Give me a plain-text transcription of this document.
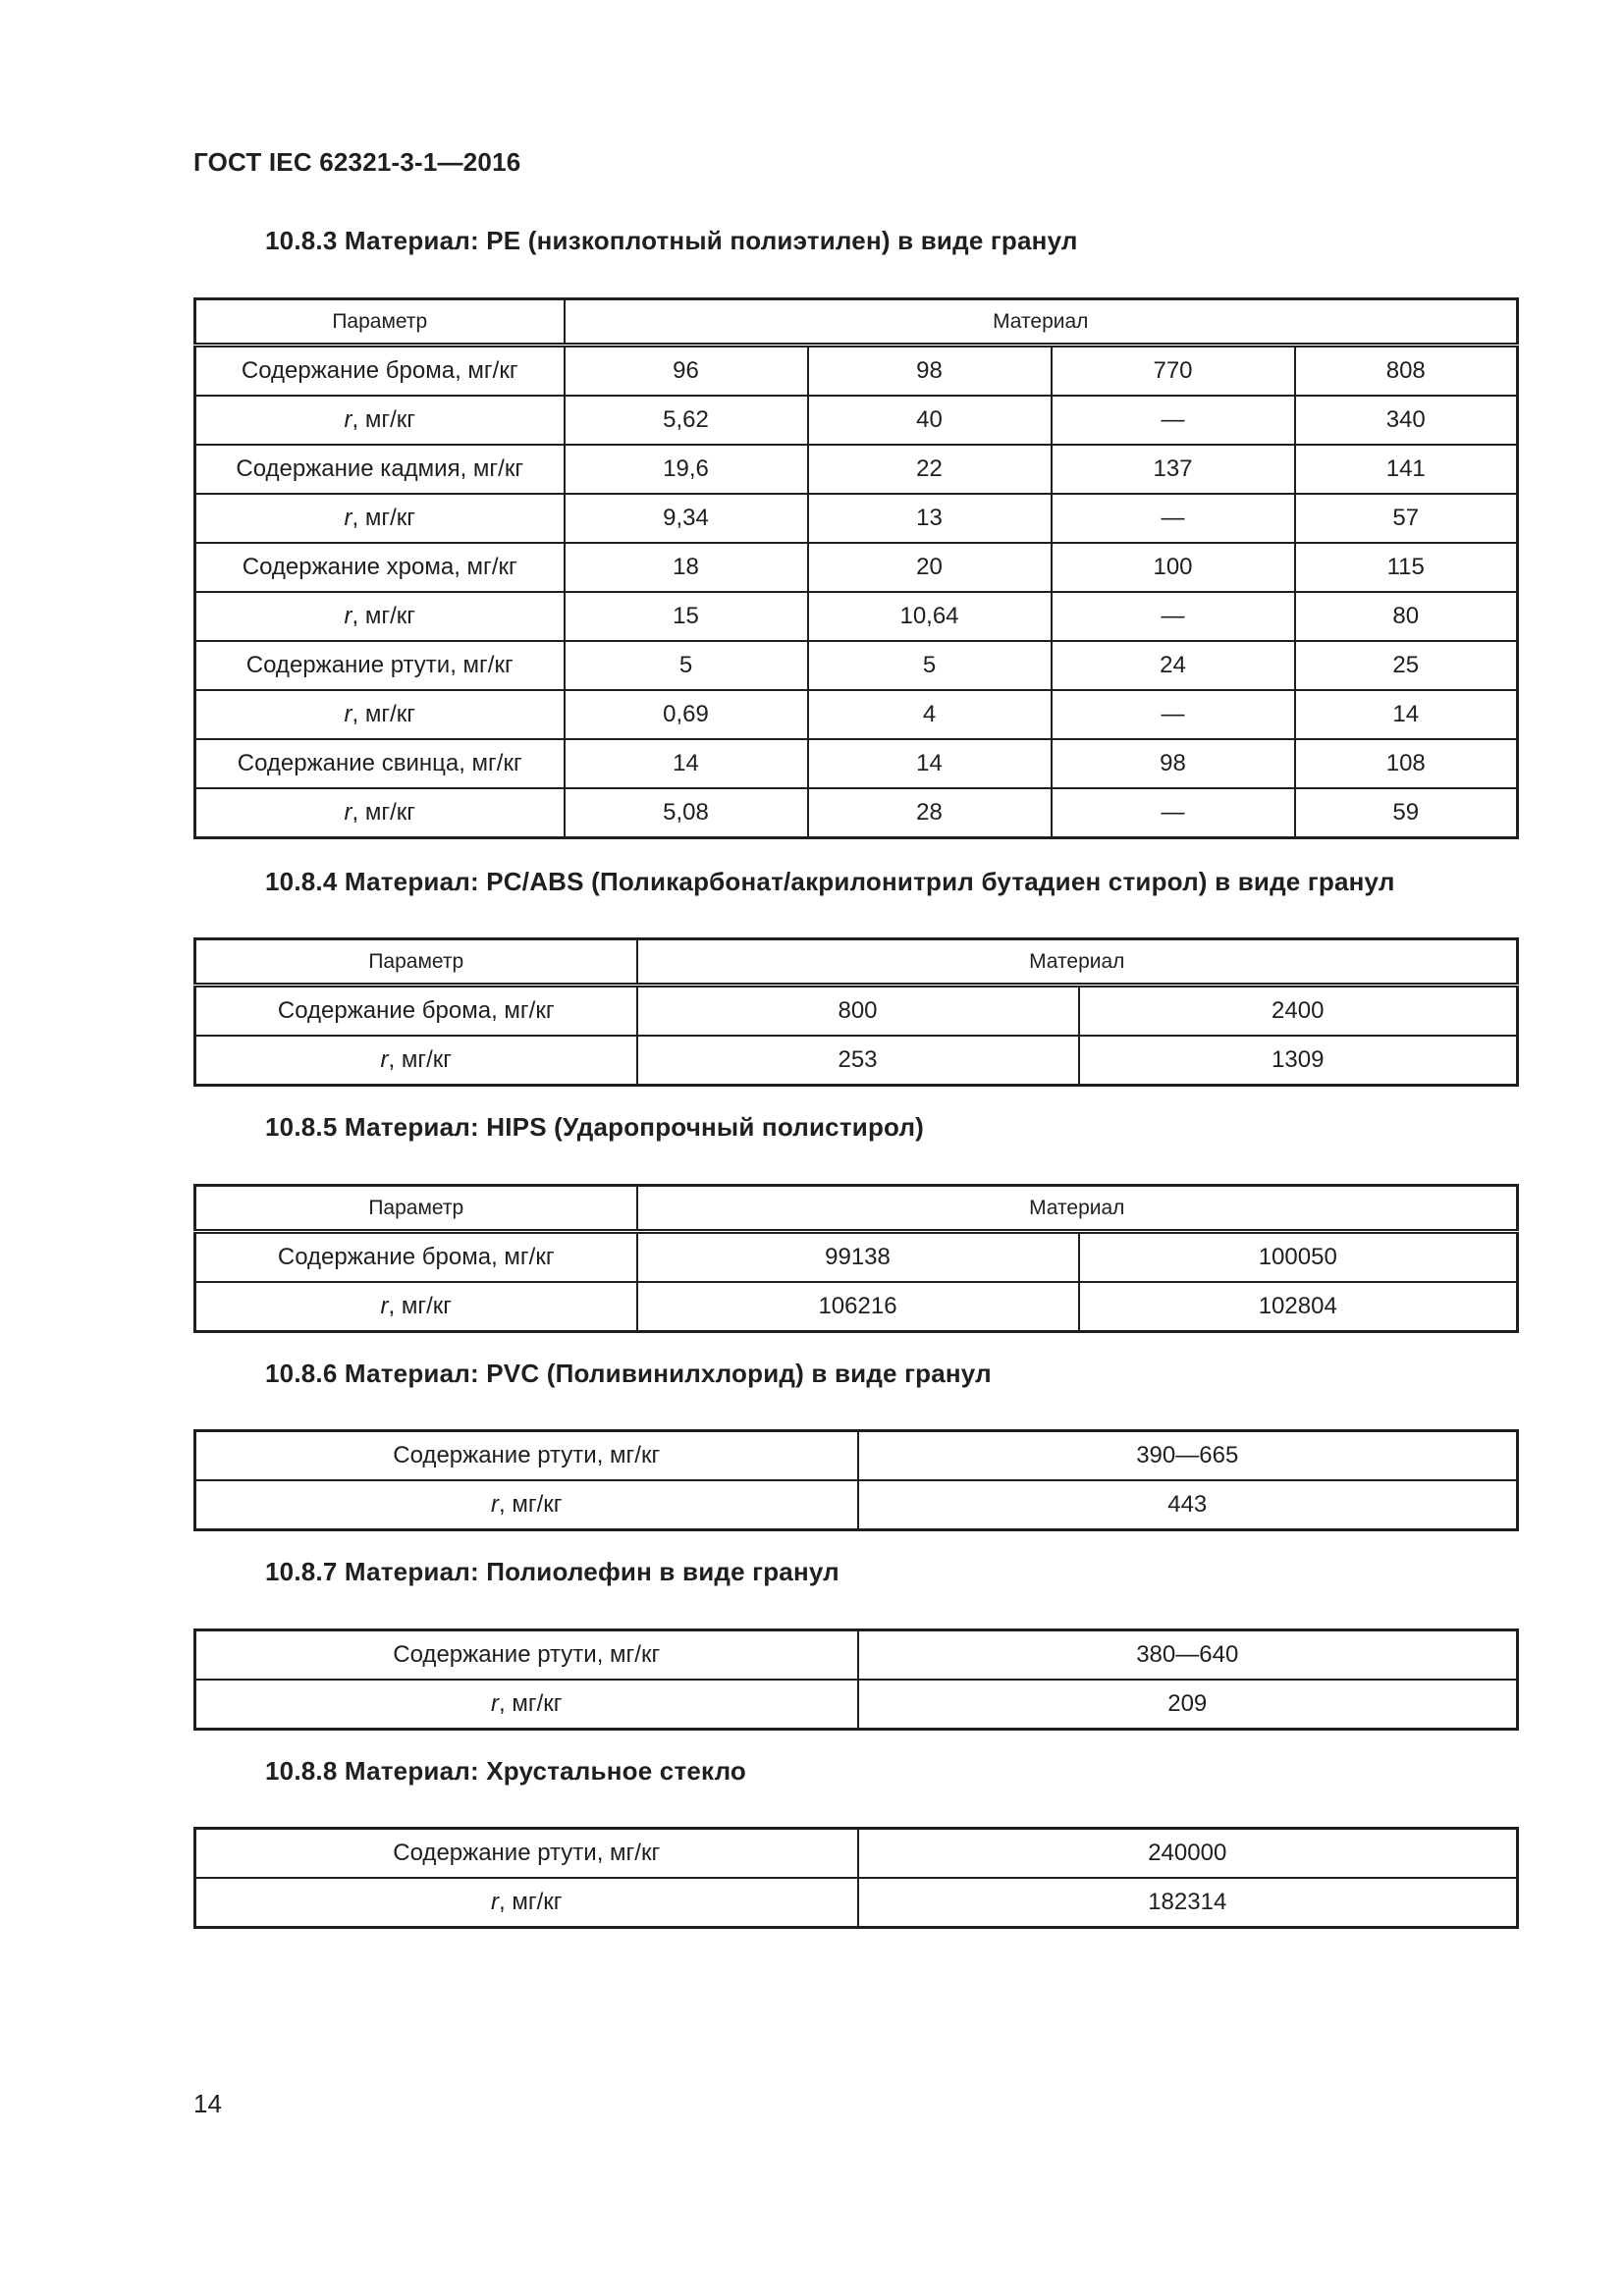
ГОСТ IEC 62321-3-1—2016
10.8.3 Материал: PE (низкоплотный полиэтилен) в виде гранул
Параметр	Материал			
Содержание брома, мг/кг	96	98	770	808
r, мг/кг	5,62	40	—	340
Содержание кадмия, мг/кг	19,6	22	137	141
r, мг/кг	9,34	13	—	57
Содержание хрома, мг/кг	18	20	100	115
r, мг/кг	15	10,64	—	80
Содержание ртути, мг/кг	5	5	24	25
r, мг/кг	0,69	4	—	14
Содержание свинца, мг/кг	14	14	98	108
r, мг/кг	5,08	28	—	59
10.8.4 Материал: PC/ABS (Поликарбонат/акрилонитрил бутадиен стирол) в виде гранул
Параметр	Материал	
Содержание брома, мг/кг	800	2400
r, мг/кг	253	1309
10.8.5 Материал: HIPS (Ударопрочный полистирол)
Параметр	Материал	
Содержание брома, мг/кг	99138	100050
r, мг/кг	106216	102804
10.8.6 Материал: PVC (Поливинилхлорид) в виде гранул
Содержание ртути, мг/кг	390—665
r, мг/кг	443
10.8.7 Материал: Полиолефин в виде гранул
Содержание ртути, мг/кг	380—640
r, мг/кг	209
10.8.8 Материал: Хрустальное стекло
Содержание ртути, мг/кг	240000
r, мг/кг	182314
14
